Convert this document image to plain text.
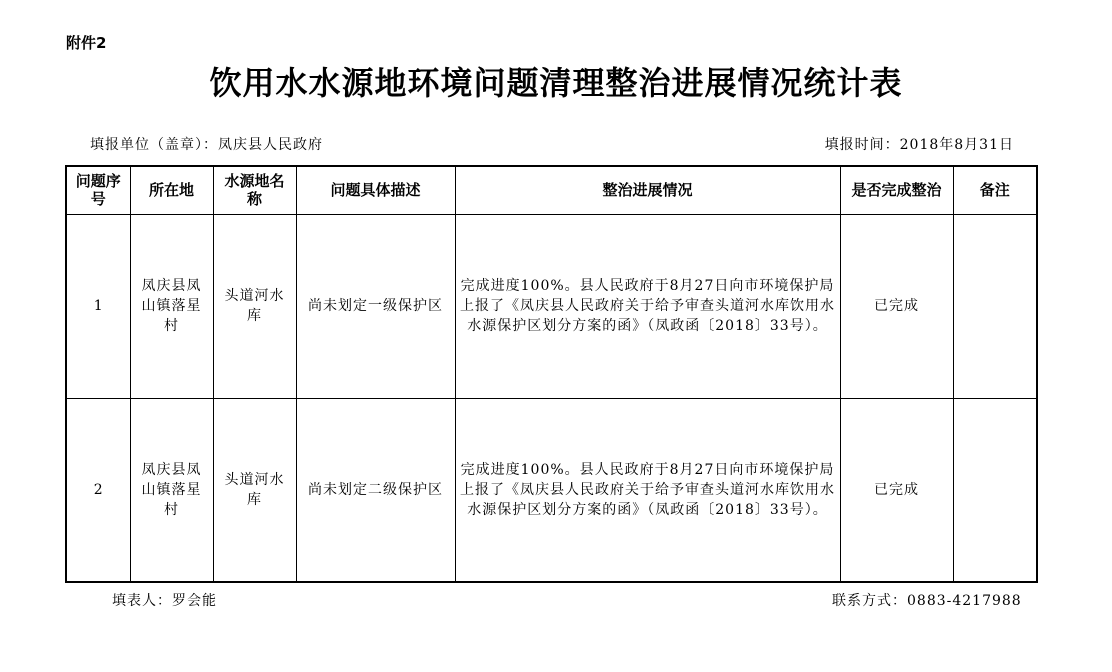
附件2
饮用水水源地环境问题清理整治进展情况统计表
填报单位（盖章）：凤庆县人民政府	填报时间：2018年8月31日
问题序号	所在地	水源地名称	问题具体描述	整治进展情况	是否完成整治	备注
1	凤庆县凤山镇落星村	头道河水库	尚未划定一级保护区	完成进度100%。县人民政府于8月27日向市环境保护局上报了《凤庆县人民政府关于给予审查头道河水库饮用水水源保护区划分方案的函》（凤政函〔2018〕33号）。	已完成	
2	凤庆县凤山镇落星村	头道河水库	尚未划定二级保护区	完成进度100%。县人民政府于8月27日向市环境保护局上报了《凤庆县人民政府关于给予审查头道河水库饮用水水源保护区划分方案的函》（凤政函〔2018〕33号）。	已完成	
填表人：罗会能	联系方式：0883-4217988
